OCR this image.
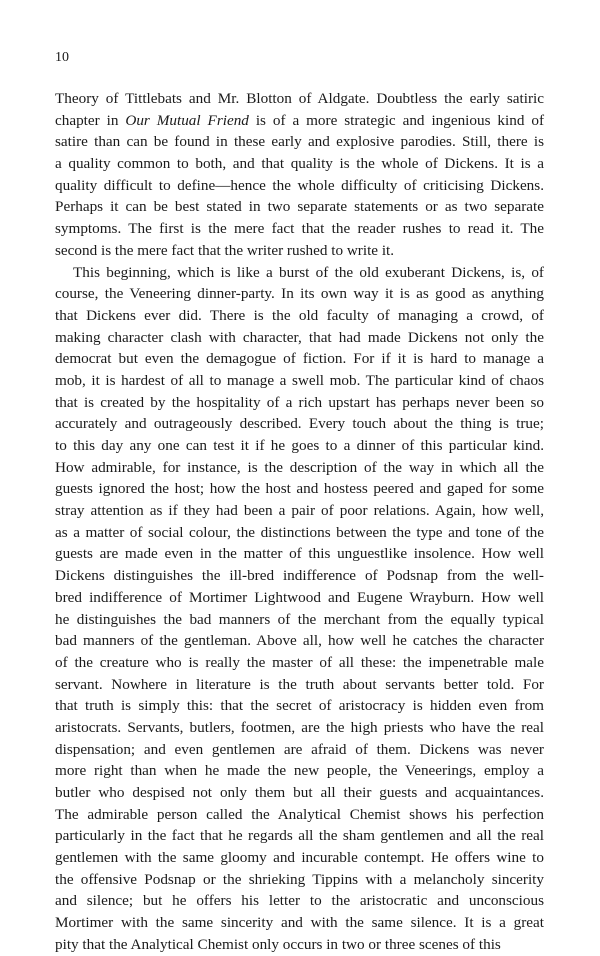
10
Theory of Tittlebats and Mr. Blotton of Aldgate. Doubtless the early satiric
chapter in Our Mutual Friend is of a more strategic and ingenious kind of
satire than can be found in these early and explosive parodies. Still, there is
a quality common to both, and that quality is the whole of Dickens. It is a
quality difficult to define—hence the whole difficulty of criticising Dickens.
Perhaps it can be best stated in two separate statements or as two separate
symptoms. The first is the mere fact that the reader rushes to read it. The
second is the mere fact that the writer rushed to write it.
This beginning, which is like a burst of the old exuberant Dickens, is, of
course, the Veneering dinner-party. In its own way it is as good as anything
that Dickens ever did. There is the old faculty of managing a crowd, of
making character clash with character, that had made Dickens not only the
democrat but even the demagogue of fiction. For if it is hard to manage a
mob, it is hardest of all to manage a swell mob. The particular kind of chaos
that is created by the hospitality of a rich upstart has perhaps never been so
accurately and outrageously described. Every touch about the thing is true;
to this day any one can test it if he goes to a dinner of this particular kind.
How admirable, for instance, is the description of the way in which all the
guests ignored the host; how the host and hostess peered and gaped for some
stray attention as if they had been a pair of poor relations. Again, how well,
as a matter of social colour, the distinctions between the type and tone of the
guests are made even in the matter of this unguestlike insolence. How well
Dickens distinguishes the ill-bred indifference of Podsnap from the well-
bred indifference of Mortimer Lightwood and Eugene Wrayburn. How well
he distinguishes the bad manners of the merchant from the equally typical
bad manners of the gentleman. Above all, how well he catches the character
of the creature who is really the master of all these: the impenetrable male
servant. Nowhere in literature is the truth about servants better told. For
that truth is simply this: that the secret of aristocracy is hidden even from
aristocrats. Servants, butlers, footmen, are the high priests who have the real
dispensation; and even gentlemen are afraid of them. Dickens was never
more right than when he made the new people, the Veneerings, employ a
butler who despised not only them but all their guests and acquaintances.
The admirable person called the Analytical Chemist shows his perfection
particularly in the fact that he regards all the sham gentlemen and all the real
gentlemen with the same gloomy and incurable contempt. He offers wine to
the offensive Podsnap or the shrieking Tippins with a melancholy sincerity
and silence; but he offers his letter to the aristocratic and unconscious
Mortimer with the same sincerity and with the same silence. It is a great
pity that the Analytical Chemist only occurs in two or three scenes of this
